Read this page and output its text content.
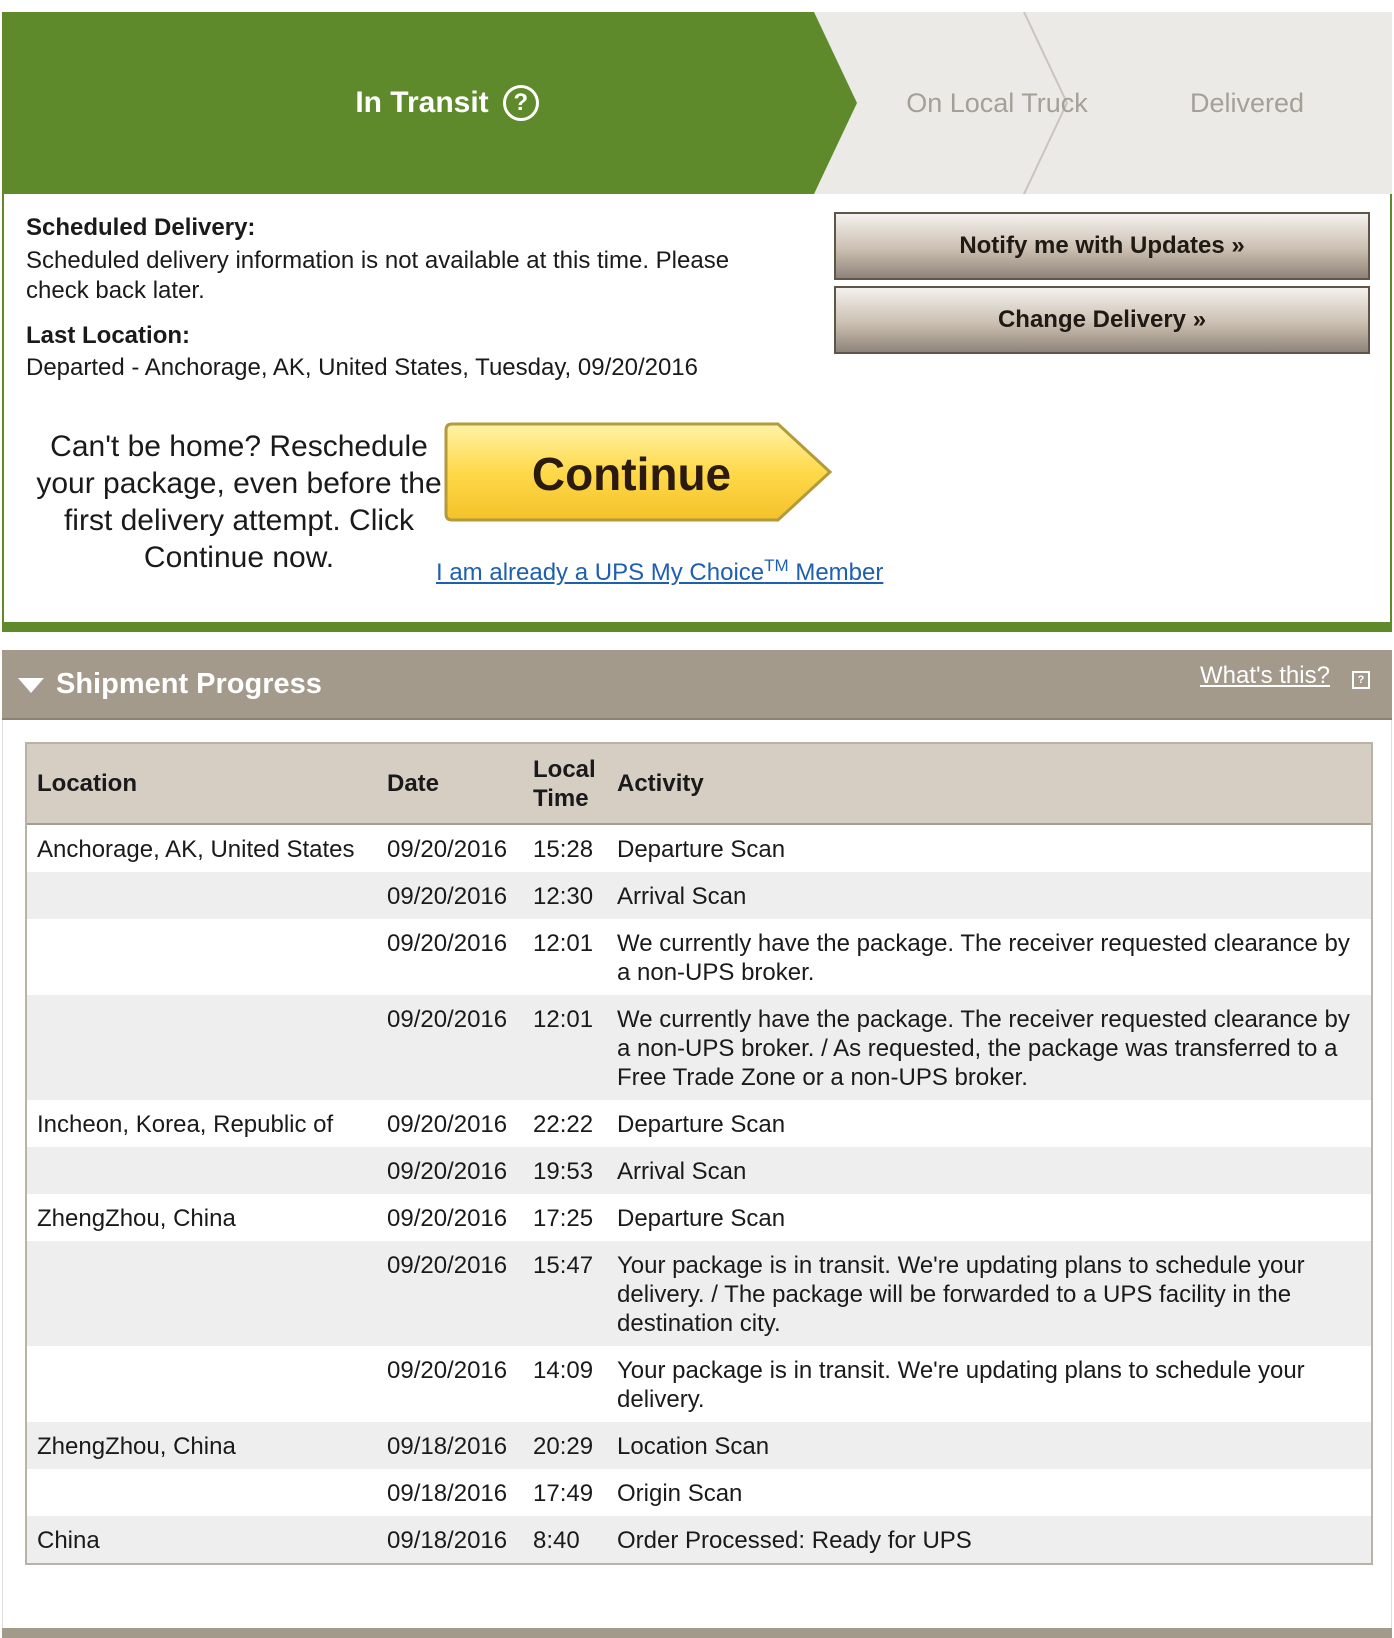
In Transit	?	On Local Truck	Delivered
Scheduled Delivery:
Scheduled delivery information is not available at this time. Please check back later.
Last Location:
Departed - Anchorage, AK, United States, Tuesday, 09/20/2016
Notify me with Updates »
Change Delivery »
Can't be home? Reschedule your package, even before the first delivery attempt. Click Continue now.
Continue
I am already a UPS My Choice™ Member
Shipment Progress	What's this?	?
Location	Date	Local Time	Activity
Anchorage, AK, United States	09/20/2016	15:28	Departure Scan
	09/20/2016	12:30	Arrival Scan
	09/20/2016	12:01	We currently have the package. The receiver requested clearance by a non-UPS broker.
	09/20/2016	12:01	We currently have the package. The receiver requested clearance by a non-UPS broker. / As requested, the package was transferred to a Free Trade Zone or a non-UPS broker.
Incheon, Korea, Republic of	09/20/2016	22:22	Departure Scan
	09/20/2016	19:53	Arrival Scan
ZhengZhou, China	09/20/2016	17:25	Departure Scan
	09/20/2016	15:47	Your package is in transit. We're updating plans to schedule your delivery. / The package will be forwarded to a UPS facility in the destination city.
	09/20/2016	14:09	Your package is in transit. We're updating plans to schedule your delivery.
ZhengZhou, China	09/18/2016	20:29	Location Scan
	09/18/2016	17:49	Origin Scan
China	09/18/2016	8:40	Order Processed: Ready for UPS
